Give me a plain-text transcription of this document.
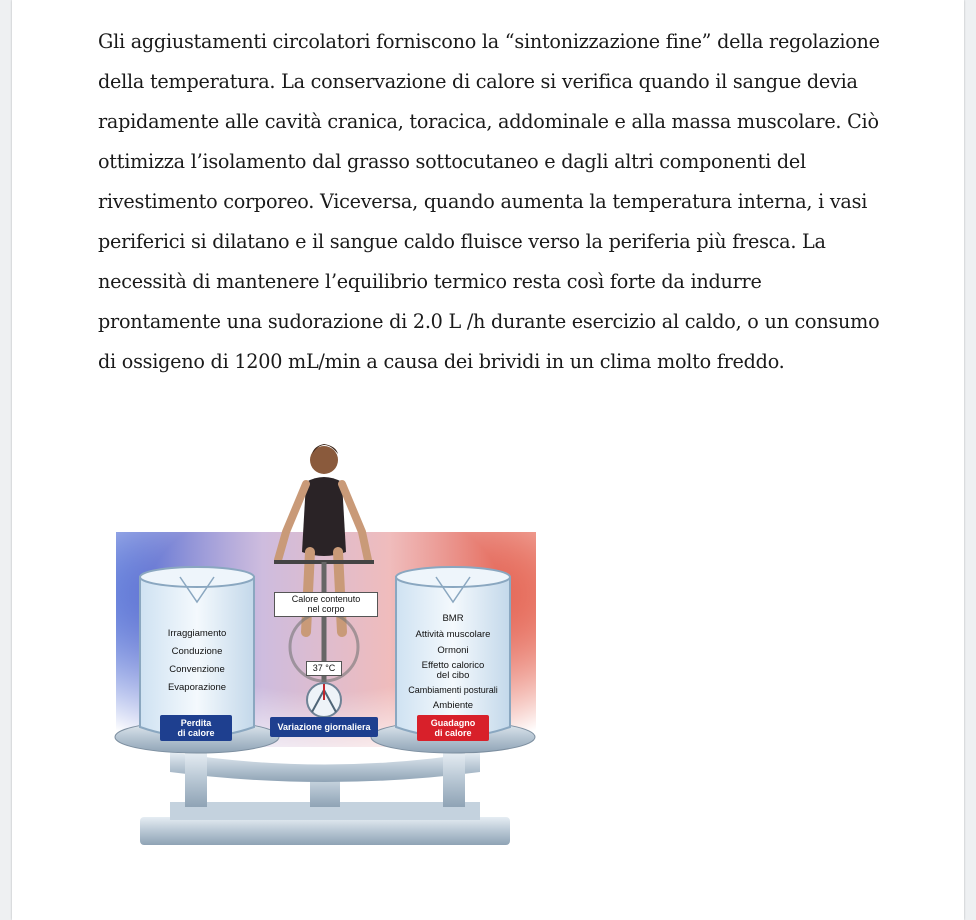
Gli aggiustamenti circolatori forniscono la “sintonizzazione fine” della regolazione della temperatura. La conservazione di calore si verifica quando il sangue devia rapidamente alle cavità cranica, toracica, addominale e alla massa muscolare. Ciò ottimizza l’isolamento dal grasso sottocutaneo e dagli altri componenti del rivestimento corporeo. Viceversa, quando aumenta la temperatura interna, i vasi periferici si dilatano e il sangue caldo fluisce verso la periferia più fresca. La necessità di mantenere l’equilibrio termico resta così forte da indurre prontamente una sudorazione di 2.0 L /h durante esercizio al caldo, o un consumo di ossigeno di 1200 mL/min a causa dei brividi in un clima molto freddo.

Calore contenuto
nel corpo
37 °C
Variazione giornaliera
Irraggiamento
Conduzione
Convenzione
Evaporazione
Perdita
di calore
BMR
Attività muscolare
Ormoni
Effetto calorico
del cibo
Cambiamenti posturali
Ambiente
Guadagno
di calore
